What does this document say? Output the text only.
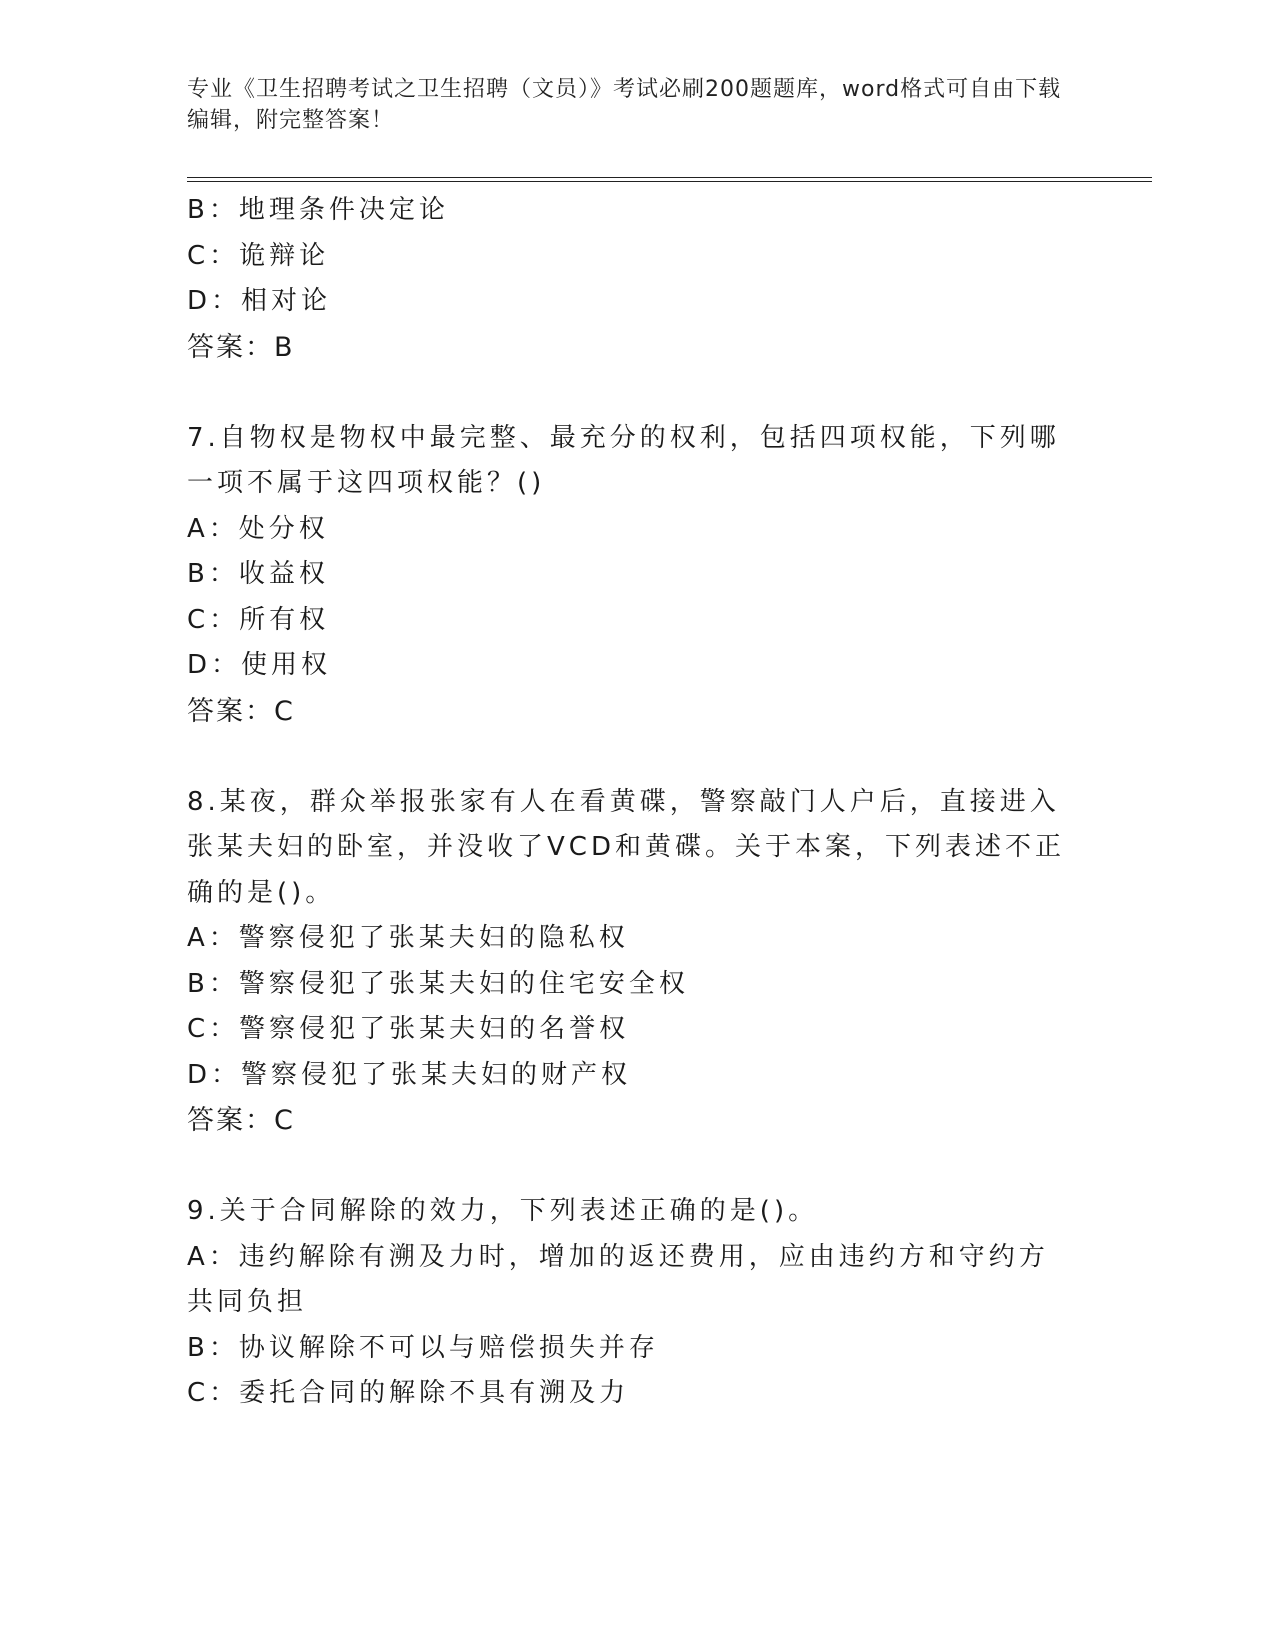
专业《卫生招聘考试之卫生招聘（文员）》考试必刷200题题库，word格式可自由下载编辑，附完整答案！
B：地理条件决定论
C：诡辩论
D：相对论
答案：B
7.自物权是物权中最完整、最充分的权利，包括四项权能，下列哪一项不属于这四项权能？()
A：处分权
B：收益权
C：所有权
D：使用权
答案：C
8.某夜，群众举报张家有人在看黄碟，警察敲门人户后，直接进入张某夫妇的卧室，并没收了VCD和黄碟。关于本案，下列表述不正确的是()。
A：警察侵犯了张某夫妇的隐私权
B：警察侵犯了张某夫妇的住宅安全权
C：警察侵犯了张某夫妇的名誉权
D：警察侵犯了张某夫妇的财产权
答案：C
9.关于合同解除的效力，下列表述正确的是()。
A：违约解除有溯及力时，增加的返还费用，应由违约方和守约方共同负担
B：协议解除不可以与赔偿损失并存
C：委托合同的解除不具有溯及力
